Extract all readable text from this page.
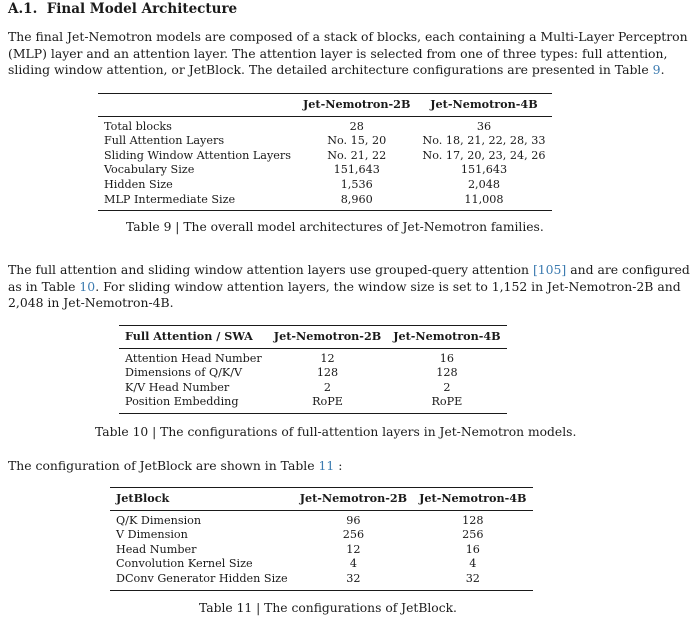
A.1. Final Model Architecture

The final Jet-Nemotron models are composed of a stack of blocks, each containing a Multi-Layer Perceptron
(MLP) layer and an attention layer. The attention layer is selected from one of three types: full attention,
sliding window attention, or JetBlock. The detailed architecture configurations are presented in Table 9.

	Jet-Nemotron-2B	Jet-Nemotron-4B
Total blocks	28	36
Full Attention Layers	No. 15, 20	No. 18, 21, 22, 28, 33
Sliding Window Attention Layers	No. 21, 22	No. 17, 20, 23, 24, 26
Vocabulary Size	151,643	151,643
Hidden Size	1,536	2,048
MLP Intermediate Size	8,960	11,008

Table 9 | The overall model architectures of Jet-Nemotron families.

The full attention and sliding window attention layers use grouped-query attention [105] and are configured
as in Table 10. For sliding window attention layers, the window size is set to 1,152 in Jet-Nemotron-2B and
2,048 in Jet-Nemotron-4B.

Full Attention / SWA	Jet-Nemotron-2B	Jet-Nemotron-4B
Attention Head Number	12	16
Dimensions of Q/K/V	128	128
K/V Head Number	2	2
Position Embedding	RoPE	RoPE

Table 10 | The configurations of full-attention layers in Jet-Nemotron models.

The configuration of JetBlock are shown in Table 11 :

JetBlock	Jet-Nemotron-2B	Jet-Nemotron-4B
Q/K Dimension	96	128
V Dimension	256	256
Head Number	12	16
Convolution Kernel Size	4	4
DConv Generator Hidden Size	32	32

Table 11 | The configurations of JetBlock.
